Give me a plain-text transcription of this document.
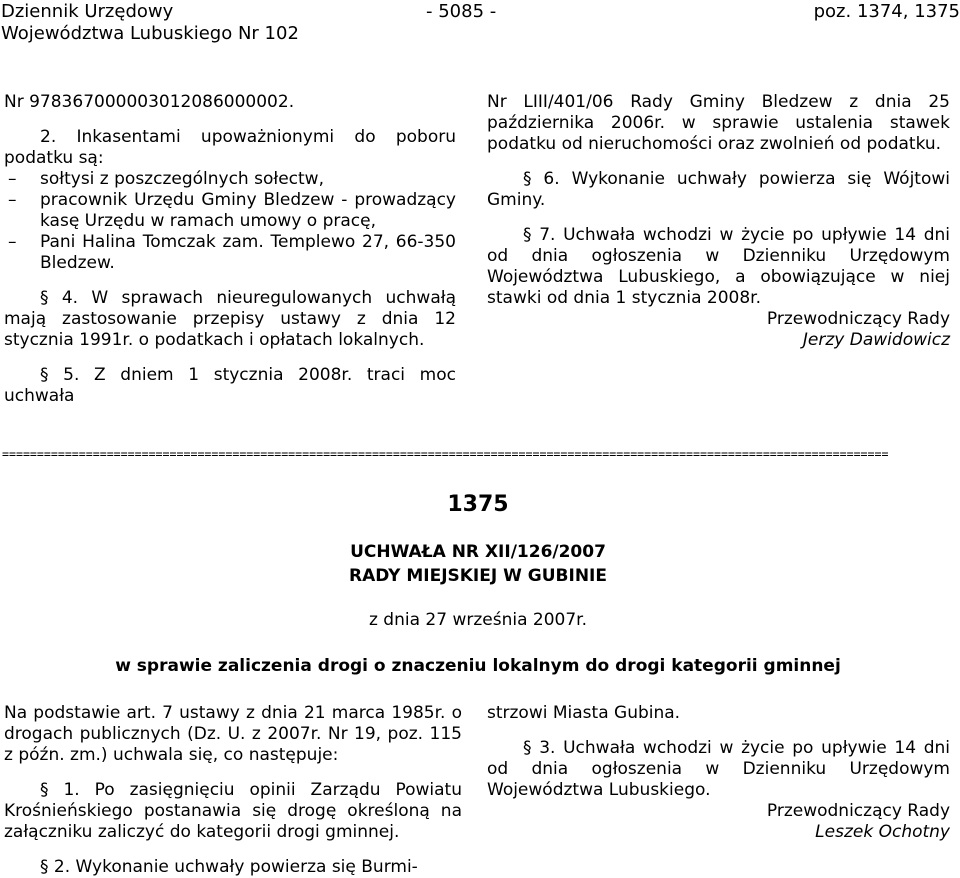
Dziennik Urzędowy
Województwa Lubuskiego Nr 102
- 5085 -	poz. 1374, 1375

Nr 978367000003012086000002.

2. Inkasentami upoważnionymi do poboru podatku są:

– sołtysi z poszczególnych sołectw,

– pracownik Urzędu Gminy Bledzew - prowadzący kasę Urzędu w ramach umowy o pracę,

– Pani Halina Tomczak zam. Templewo 27, 66-350 Bledzew.

§ 4. W sprawach nieuregulowanych uchwałą mają zastosowanie przepisy ustawy z dnia 12 stycznia 1991r. o podatkach i opłatach lokalnych.

§ 5. Z dniem 1 stycznia 2008r. traci moc uchwała

Nr LIII/401/06 Rady Gminy Bledzew z dnia 25 października 2006r. w sprawie ustalenia stawek podatku od nieruchomości oraz zwolnień od podatku.

§ 6. Wykonanie uchwały powierza się Wójtowi Gminy.

§ 7. Uchwała wchodzi w życie po upływie 14 dni od dnia ogłoszenia w Dzienniku Urzędowym Województwa Lubuskiego, a obowiązujące w niej stawki od dnia 1 stycznia 2008r.

Przewodniczący Rady

Jerzy Dawidowicz

===============================================================================================================================
1375
UCHWAŁA NR XII/126/2007
RADY MIEJSKIEJ W GUBINIE
z dnia 27 września 2007r.
w sprawie zaliczenia drogi o znaczeniu lokalnym do drogi kategorii gminnej

Na podstawie art. 7 ustawy z dnia 21 marca 1985r. o drogach publicznych (Dz. U. z 2007r. Nr 19, poz. 115 z późn. zm.) uchwala się, co następuje:

§ 1. Po zasięgnięciu opinii Zarządu Powiatu Krośnieńskiego postanawia się drogę określoną na załączniku zaliczyć do kategorii drogi gminnej.

§ 2. Wykonanie uchwały powierza się Burmi-

strzowi Miasta Gubina.

§ 3. Uchwała wchodzi w życie po upływie 14 dni od dnia ogłoszenia w Dzienniku Urzędowym Województwa Lubuskiego.

Przewodniczący Rady

Leszek Ochotny
